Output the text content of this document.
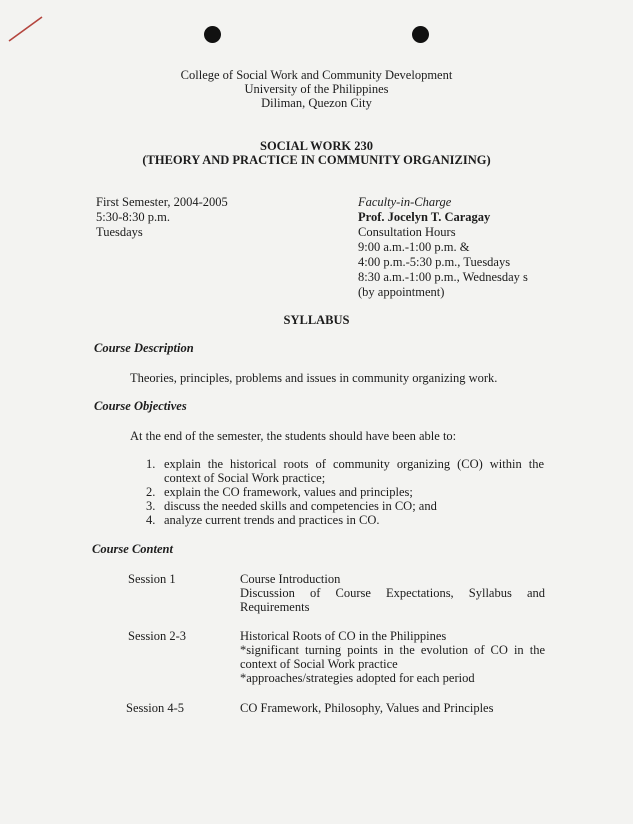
College of Social Work and Community Development
University of the Philippines
Diliman, Quezon City
SOCIAL WORK 230
(THEORY AND PRACTICE IN COMMUNITY ORGANIZING)
First Semester, 2004-2005
5:30-8:30 p.m.
Tuesdays
Faculty-in-Charge
Prof. Jocelyn T. Caragay
Consultation Hours
9:00 a.m.-1:00 p.m. &
4:00 p.m.-5:30 p.m., Tuesdays
8:30 a.m.-1:00 p.m., Wednesday s
(by appointment)
SYLLABUS
Course Description
Theories, principles, problems and issues in community organizing work.
Course Objectives
At the end of the semester, the students should have been able to:
1. explain the historical roots of community organizing (CO) within the
context of Social Work practice;
2. explain the CO framework, values and principles;
3. discuss the needed skills and competencies in CO; and
4. analyze current trends and practices in CO.
Course Content
Session 1	Course Introduction
Discussion of Course Expectations, Syllabus and
Requirements
Session 2-3	Historical Roots of CO in the Philippines
*significant turning points in the evolution of CO in the
context of Social Work practice
*approaches/strategies adopted for each period
Session 4-5	CO Framework, Philosophy, Values and Principles
